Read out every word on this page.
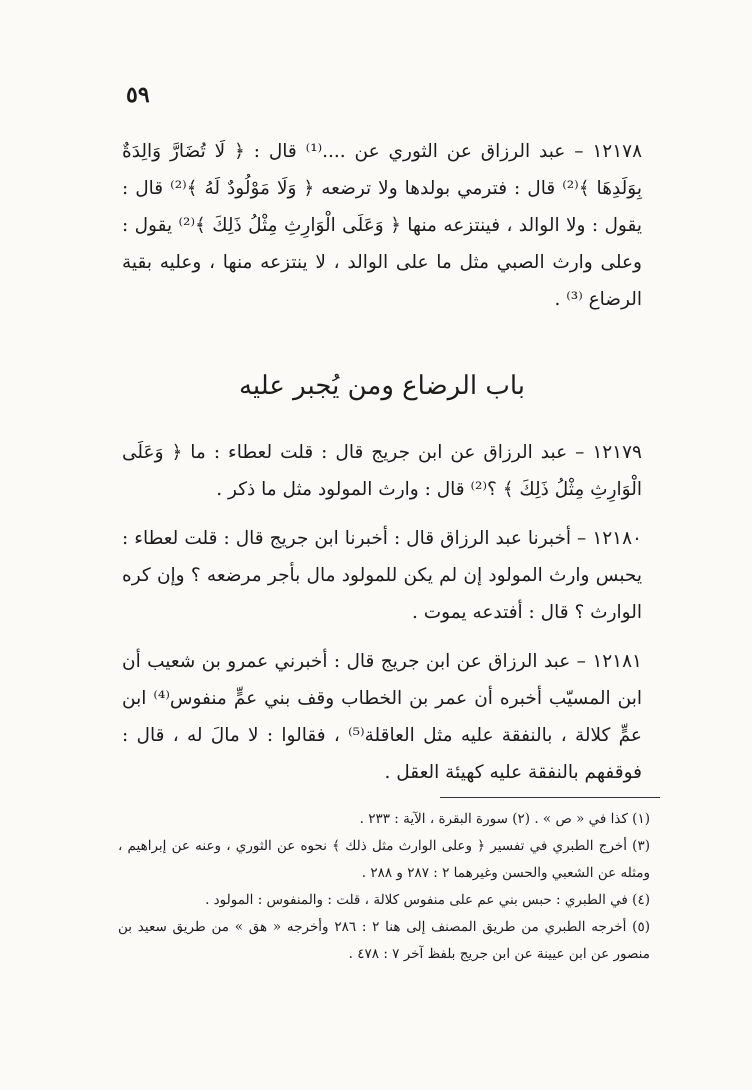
٥٩

١٢١٧٨ – عبد الرزاق عن الثوري عن ....⁽¹⁾ قال : ﴿ لَا تُضَارَّ وَالِدَةٌ بِوَلَدِهَا ﴾⁽²⁾ قال : فترمي بولدها ولا ترضعه ﴿ وَلَا مَوْلُودٌ لَهُ ﴾⁽²⁾ قال : يقول : ولا الوالد ، فينتزعه منها ﴿ وَعَلَى الْوَارِثِ مِثْلُ ذَلِكَ ﴾⁽²⁾ يقول : وعلى وارث الصبي مثل ما على الوالد ، لا ينتزعه منها ، وعليه بقية الرضاع ⁽³⁾ .

باب الرضاع ومن يُجبر عليه

١٢١٧٩ – عبد الرزاق عن ابن جريج قال : قلت لعطاء : ما ﴿ وَعَلَى الْوَارِثِ مِثْلُ ذَلِكَ ﴾ ؟⁽²⁾ قال : وارث المولود مثل ما ذكر .

١٢١٨٠ – أخبرنا عبد الرزاق قال : أخبرنا ابن جريج قال : قلت لعطاء : يحبس وارث المولود إن لم يكن للمولود مال بأجر مرضعه ؟ وإن كره الوارث ؟ قال : أفتدعه يموت .

١٢١٨١ – عبد الرزاق عن ابن جريج قال : أخبرني عمرو بن شعيب أن ابن المسيّب أخبره أن عمر بن الخطاب وقف بني عمٍّ منفوس⁽⁴⁾ ابن عمٍّ كلالة ، بالنفقة عليه مثل العاقلة⁽⁵⁾ ، فقالوا : لا مالَ له ، قال : فوقفهم بالنفقة عليه كهيئة العقل .

(١) كذا في « ص » . (٢) سورة البقرة ، الآية : ٢٣٣ .

(٣) أخرج الطبري في تفسير ﴿ وعلى الوارث مثل ذلك ﴾ نحوه عن الثوري ، وعنه عن إبراهيم ، ومثله عن الشعبي والحسن وغيرهما ٢ : ٢٨٧ و ٢٨٨ .

(٤) في الطبري : حبس بني عم على منفوس كلالة ، قلت : والمنفوس : المولود .

(٥) أخرجه الطبري من طريق المصنف إلى هنا ٢ : ٢٨٦ وأخرجه « هق » من طريق سعيد بن منصور عن ابن عيينة عن ابن جريج بلفظ آخر ٧ : ٤٧٨ .
